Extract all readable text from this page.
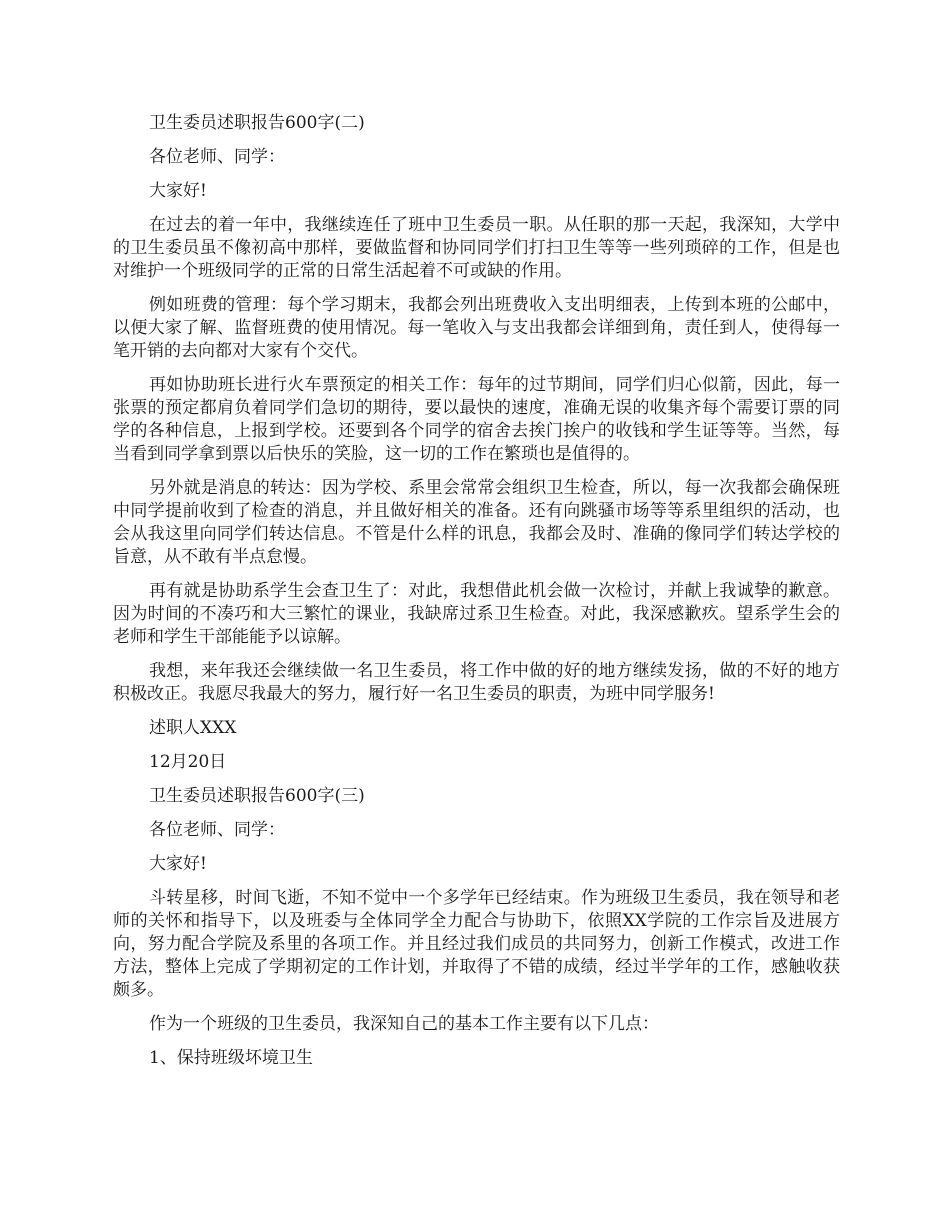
卫生委员述职报告600字(二)

各位老师、同学：

大家好!

在过去的着一年中，我继续连任了班中卫生委员一职。从任职的那一天起，我深知，大学中的卫生委员虽不像初高中那样，要做监督和协同同学们打扫卫生等等一些列琐碎的工作，但是也对维护一个班级同学的正常的日常生活起着不可或缺的作用。

例如班费的管理：每个学习期末，我都会列出班费收入支出明细表，上传到本班的公邮中，以便大家了解、监督班费的使用情况。每一笔收入与支出我都会详细到角，责任到人，使得每一笔开销的去向都对大家有个交代。

再如协助班长进行火车票预定的相关工作：每年的过节期间，同学们归心似箭，因此，每一张票的预定都肩负着同学们急切的期待，要以最快的速度，准确无误的收集齐每个需要订票的同学的各种信息，上报到学校。还要到各个同学的宿舍去挨门挨户的收钱和学生证等等。当然，每当看到同学拿到票以后快乐的笑脸，这一切的工作在繁琐也是值得的。

另外就是消息的转达：因为学校、系里会常常会组织卫生检查，所以，每一次我都会确保班中同学提前收到了检查的消息，并且做好相关的准备。还有向跳骚市场等等系里组织的活动，也会从我这里向同学们转达信息。不管是什么样的讯息，我都会及时、准确的像同学们转达学校的旨意，从不敢有半点怠慢。

再有就是协助系学生会查卫生了：对此，我想借此机会做一次检讨，并献上我诚挚的歉意。因为时间的不凑巧和大三繁忙的课业，我缺席过系卫生检查。对此，我深感歉疚。望系学生会的老师和学生干部能能予以谅解。

我想，来年我还会继续做一名卫生委员，将工作中做的好的地方继续发扬，做的不好的地方积极改正。我愿尽我最大的努力，履行好一名卫生委员的职责，为班中同学服务!

述职人XXX

12月20日

卫生委员述职报告600字(三)

各位老师、同学：

大家好!

斗转星移，时间飞逝，不知不觉中一个多学年已经结束。作为班级卫生委员，我在领导和老师的关怀和指导下，以及班委与全体同学全力配合与协助下，依照XX学院的工作宗旨及进展方向，努力配合学院及系里的各项工作。并且经过我们成员的共同努力，创新工作模式，改进工作方法，整体上完成了学期初定的工作计划，并取得了不错的成绩，经过半学年的工作，感触收获颇多。

作为一个班级的卫生委员，我深知自己的基本工作主要有以下几点：

1、保持班级坏境卫生
